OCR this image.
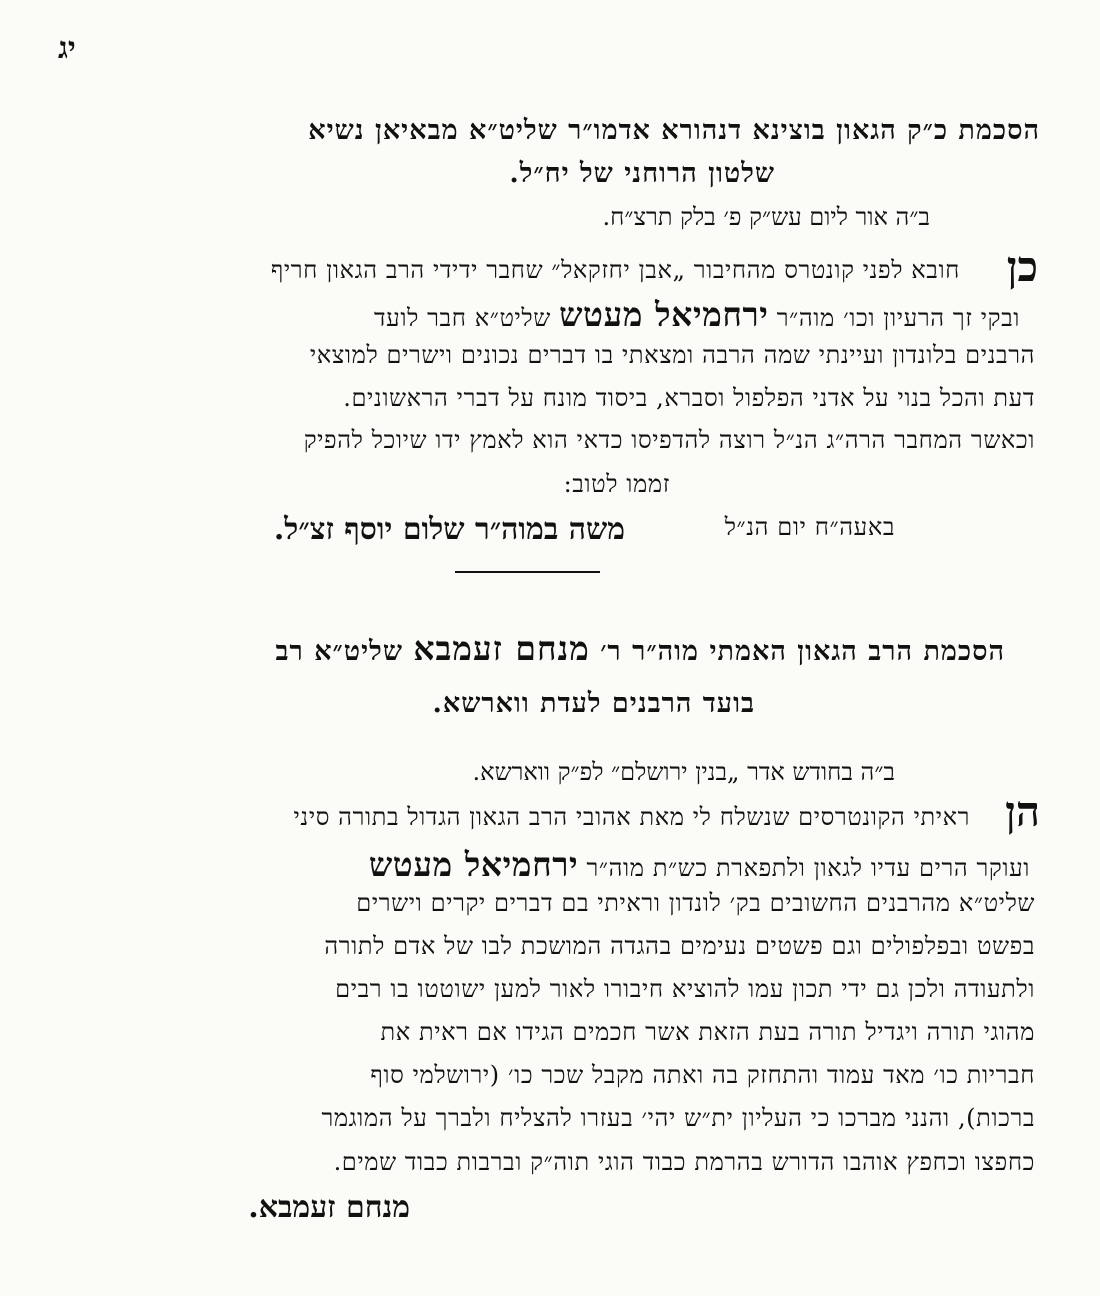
יג
הסכמת כ״ק הגאון בוצינא דנהורא אדמו״ר שליט״א מבאיאן נשיא
שלטון הרוחני של יח״ל.
ב״ה אור ליום עש״ק פ׳ בלק תרצ״ח.
כן
חובא לפני קונטרס מהחיבור „אבן יחזקאל״ שחבר ידידי הרב הגאון חריף
ובקי זך הרעיון וכו׳ מוה״ר ירחמיאל מעטש שליט״א חבר לועד
הרבנים בלונדון ועיינתי שמה הרבה ומצאתי בו דברים נכונים וישרים למוצאי
דעת והכל בנוי על אדני הפלפול וסברא, ביסוד מונח על דברי הראשונים.
וכאשר המחבר הרה״ג הנ״ל רוצה להדפיסו כדאי הוא לאמץ ידו שיוכל להפיק
זממו לטוב:
באעה״ח יום הנ״ל
משה במוה״ר שלום יוסף זצ״ל.
הסכמת הרב הגאון האמתי מוה״ר ר׳ מנחם זעמבא שליט״א רב
בועד הרבנים לעדת ווארשא.
ב״ה בחודש אדר „בנין ירושלם״ לפ״ק ווארשא.
הן
ראיתי הקונטרסים שנשלח לי מאת אהובי הרב הגאון הגדול בתורה סיני
ועוקר הרים עדיו לגאון ולתפארת כש״ת מוה״ר ירחמיאל מעטש
שליט״א מהרבנים החשובים בק׳ לונדון וראיתי בם דברים יקרים וישרים
בפשט ובפלפולים וגם פשטים נעימים בהגדה המושכת לבו של אדם לתורה
ולתעודה ולכן גם ידי תכון עמו להוציא חיבורו לאור למען ישוטטו בו רבים
מהוגי תורה ויגדיל תורה בעת הזאת אשר חכמים הגידו אם ראית את
חבריות כו׳ מאד עמוד והתחזק בה ואתה מקבל שכר כו׳ (ירושלמי סוף
ברכות), והנני מברכו כי העליון ית״ש יהי׳ בעזרו להצליח ולברך על המוגמר
כחפצו וכחפץ אוהבו הדורש בהרמת כבוד הוגי תוה״ק וברבות כבוד שמים.
מנחם זעמבא.
